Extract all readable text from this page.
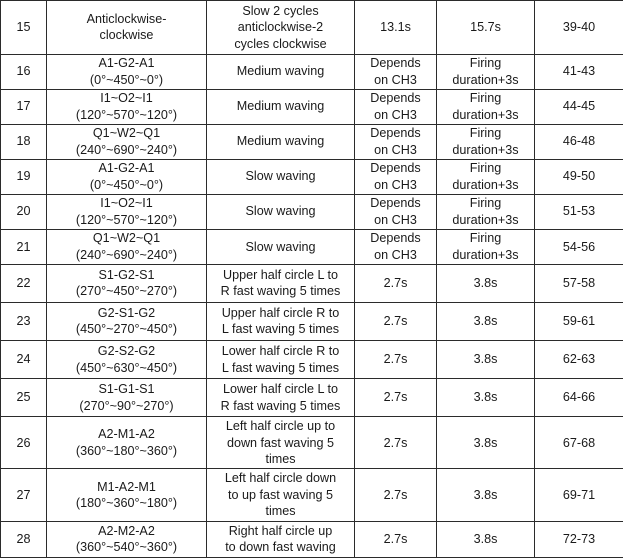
15	Anticlockwise-
clockwise	Slow 2 cycles
anticlockwise-2
cycles clockwise	13.1s	15.7s	39-40
16	A1-G2-A1
(0°~450°~0°)	Medium waving	Depends
on CH3	Firing
duration+3s	41-43
17	I1~O2~I1
(120°~570°~120°)	Medium waving	Depends
on CH3	Firing
duration+3s	44-45
18	Q1~W2~Q1
(240°~690°~240°)	Medium waving	Depends
on CH3	Firing
duration+3s	46-48
19	A1-G2-A1
(0°~450°~0°)	Slow waving	Depends
on CH3	Firing
duration+3s	49-50
20	I1~O2~I1
(120°~570°~120°)	Slow waving	Depends
on CH3	Firing
duration+3s	51-53
21	Q1~W2~Q1
(240°~690°~240°)	Slow waving	Depends
on CH3	Firing
duration+3s	54-56
22	S1-G2-S1
(270°~450°~270°)	Upper half circle L to
R fast waving 5 times	2.7s	3.8s	57-58
23	G2-S1-G2
(450°~270°~450°)	Upper half circle R to
L fast waving 5 times	2.7s	3.8s	59-61
24	G2-S2-G2
(450°~630°~450°)	Lower half circle R to
L fast waving 5 times	2.7s	3.8s	62-63
25	S1-G1-S1
(270°~90°~270°)	Lower half circle L to
R fast waving 5 times	2.7s	3.8s	64-66
26	A2-M1-A2
(360°~180°~360°)	Left half circle up to
down fast waving 5
times	2.7s	3.8s	67-68
27	M1-A2-M1
(180°~360°~180°)	Left half circle down
to up fast waving 5
times	2.7s	3.8s	69-71
28	A2-M2-A2
(360°~540°~360°)	Right half circle up
to down fast waving	2.7s	3.8s	72-73
